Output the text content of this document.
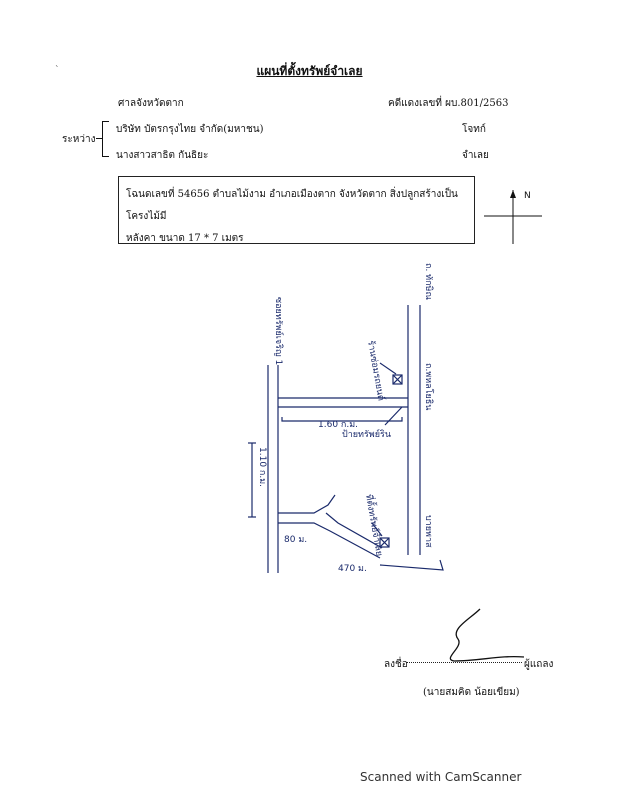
แผนที่ตั้งทรัพย์จำเลย
`
ศาลจังหวัดตาก	คดีแดงเลขที่ ผบ.801/2563
ระหว่าง
บริษัท บัตรกรุงไทย จำกัด(มหาชน)	โจทก์
นางสาวสาธิต กันธิยะ	จำเลย
โฉนดเลขที่ 54656 ตำบลไม้งาม อำเภอเมืองตาก จังหวัดตาก สิ่งปลูกสร้างเป็นโครงไม้มี
หลังคา ขนาด 17 * 7 เมตร
N
ถ. ทักษิณ
ซอยทรัพย์เจริญ 1
ถ.พหลโยธิน
บายพาส
ร้านซ่อมรถยนต์
ป้ายทรัพย์ริน
ที่ตั้งทรัพย์จำเลย
1.60 ก.ม.
1.10 ก.ม.
80 ม.
470 ม.
ลงชื่อ	ผู้แถลง
(นายสมคิด น้อยเขียม)
Scanned with CamScanner
